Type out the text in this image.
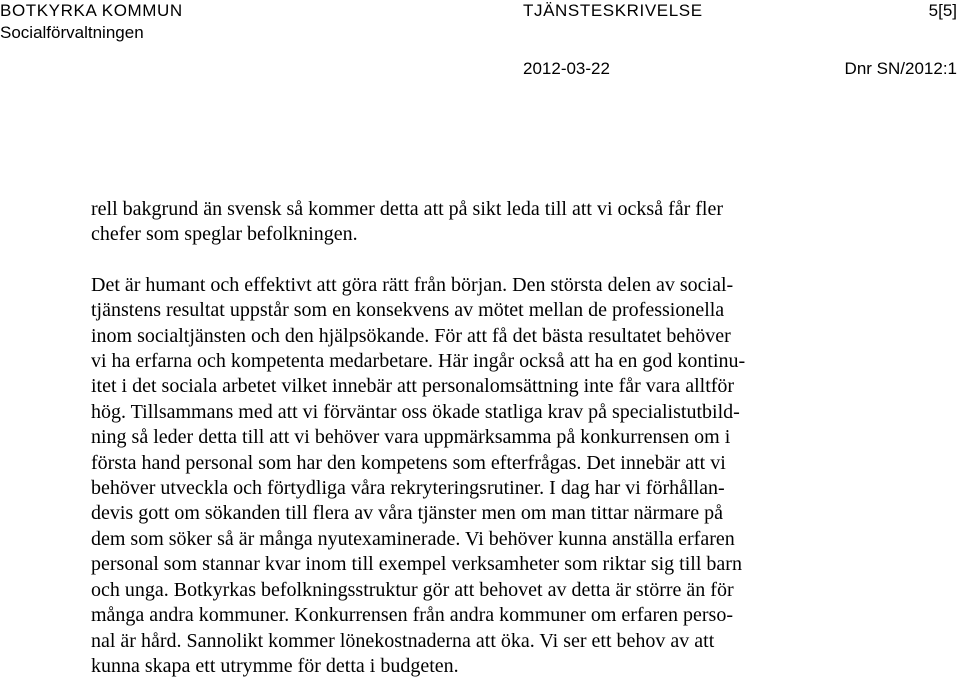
BOTKYRKA KOMMUN
Socialförvaltningen
TJÄNSTESKRIVELSE	5[5]
2012-03-22	Dnr SN/2012:1

rell bakgrund än svensk så kommer detta att på sikt leda till att vi också får fler
chefer som speglar befolkningen.

Det är humant och effektivt att göra rätt från början. Den största delen av social-
tjänstens resultat uppstår som en konsekvens av mötet mellan de professionella
inom socialtjänsten och den hjälpsökande. För att få det bästa resultatet behöver
vi ha erfarna och kompetenta medarbetare. Här ingår också att ha en god kontinu-
itet i det sociala arbetet vilket innebär att personalomsättning inte får vara alltför
hög. Tillsammans med att vi förväntar oss ökade statliga krav på specialistutbild-
ning så leder detta till att vi behöver vara uppmärksamma på konkurrensen om i
första hand personal som har den kompetens som efterfrågas. Det innebär att vi
behöver utveckla och förtydliga våra rekryteringsrutiner. I dag har vi förhållan-
devis gott om sökanden till flera av våra tjänster men om man tittar närmare på
dem som söker så är många nyutexaminerade. Vi behöver kunna anställa erfaren
personal som stannar kvar inom till exempel verksamheter som riktar sig till barn
och unga. Botkyrkas befolkningsstruktur gör att behovet av detta är större än för
många andra kommuner. Konkurrensen från andra kommuner om erfaren perso-
nal är hård. Sannolikt kommer lönekostnaderna att öka. Vi ser ett behov av att
kunna skapa ett utrymme för detta i budgeten.
